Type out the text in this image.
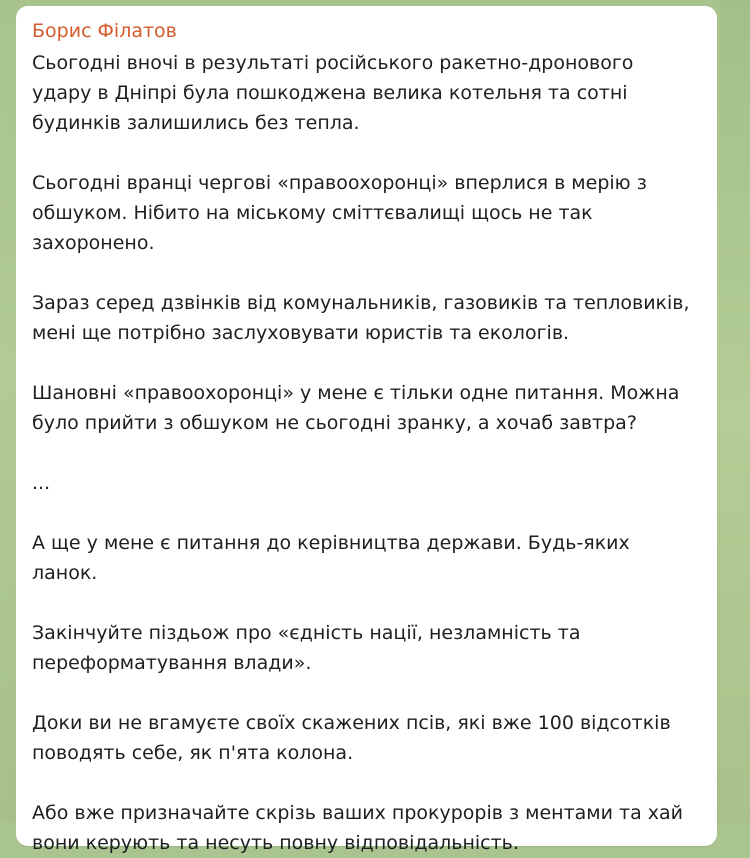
Борис Філатов

Сьогодні вночі в результаті російського ракетно-дронового
удару в Дніпрі була пошкоджена велика котельня та сотні
будинків залишились без тепла.

Сьогодні вранці чергові «правоохоронці» вперлися в мерію з
обшуком. Нібито на міському сміттєвалищі щось не так
захоронено.

Зараз серед дзвінків від комунальників, газовиків та тепловиків,
мені ще потрібно заслуховувати юристів та екологів.

Шановні «правоохоронці» у мене є тільки одне питання. Можна
було прийти з обшуком не сьогодні зранку, а хочаб завтра?

...

А ще у мене є питання до керівництва держави. Будь-яких ланок.

Закінчуйте піздьож про «єдність нації, незламність та
переформатування влади».

Доки ви не вгамуєте своїх скажених псів, які вже 100 відсотків
поводять себе, як п'ята колона.

Або вже призначайте скрізь ваших прокурорів з ментами та хай
вони керують та несуть повну відповідальність.
